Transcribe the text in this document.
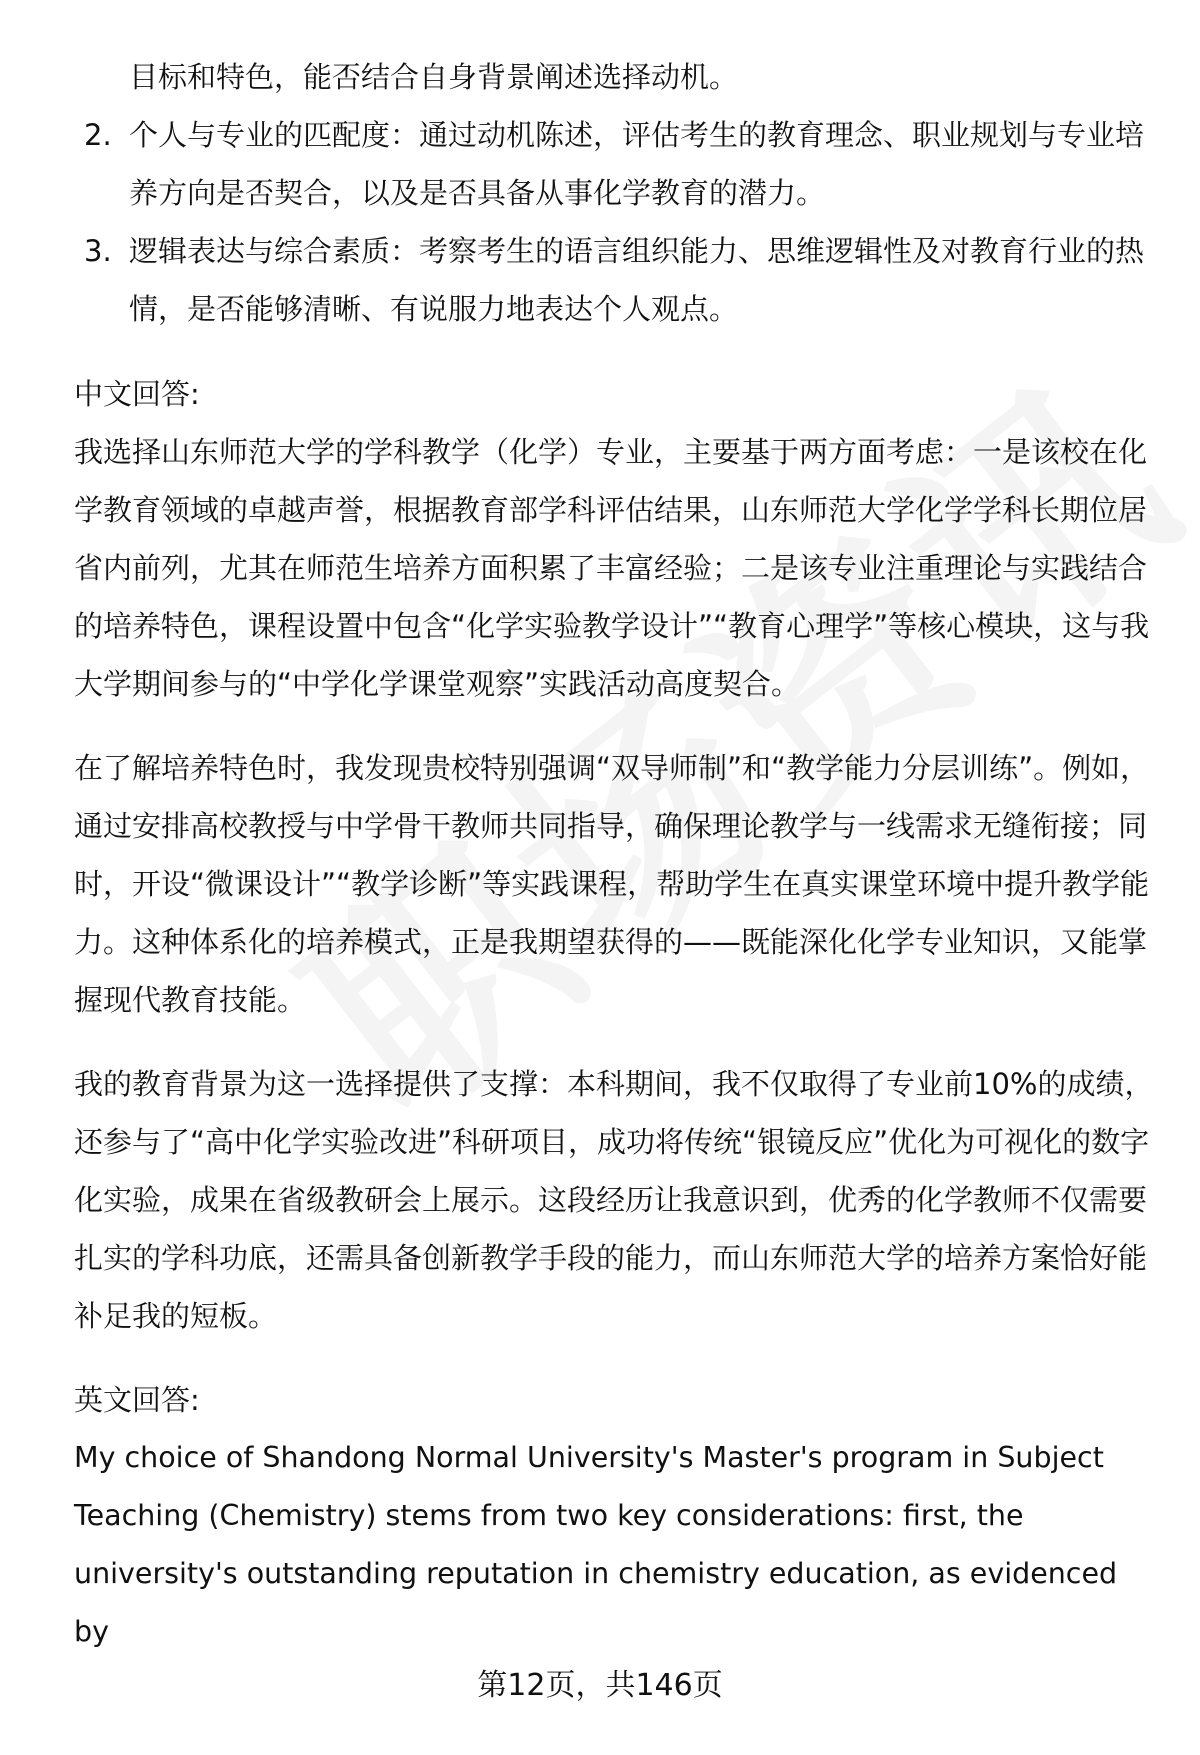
目标和特色，能否结合自身背景阐述选择动机。
2. 个人与专业的匹配度：通过动机陈述，评估考生的教育理念、职业规划与专业培养方向是否契合，以及是否具备从事化学教育的潜力。
3. 逻辑表达与综合素质：考察考生的语言组织能力、思维逻辑性及对教育行业的热情，是否能够清晰、有说服力地表达个人观点。
中文回答:

我选择山东师范大学的学科教学（化学）专业，主要基于两方面考虑：一是该校在化学教育领域的卓越声誉，根据教育部学科评估结果，山东师范大学化学学科长期位居省内前列，尤其在师范生培养方面积累了丰富经验；二是该专业注重理论与实践结合的培养特色，课程设置中包含“化学实验教学设计”“教育心理学”等核心模块，这与我大学期间参与的“中学化学课堂观察”实践活动高度契合。

在了解培养特色时，我发现贵校特别强调“双导师制”和“教学能力分层训练”。例如，通过安排高校教授与中学骨干教师共同指导，确保理论教学与一线需求无缝衔接；同时，开设“微课设计”“教学诊断”等实践课程，帮助学生在真实课堂环境中提升教学能力。这种体系化的培养模式，正是我期望获得的——既能深化化学专业知识，又能掌握现代教育技能。

我的教育背景为这一选择提供了支撑：本科期间，我不仅取得了专业前10%的成绩，还参与了“高中化学实验改进”科研项目，成功将传统“银镜反应”优化为可视化的数字化实验，成果在省级教研会上展示。这段经历让我意识到，优秀的化学教师不仅需要扎实的学科功底，还需具备创新教学手段的能力，而山东师范大学的培养方案恰好能补足我的短板。

英文回答:
My choice of Shandong Normal University's Master's program in Subject
Teaching (Chemistry) stems from two key considerations: first, the
university's outstanding reputation in chemistry education, as evidenced by
第12页，共146页
